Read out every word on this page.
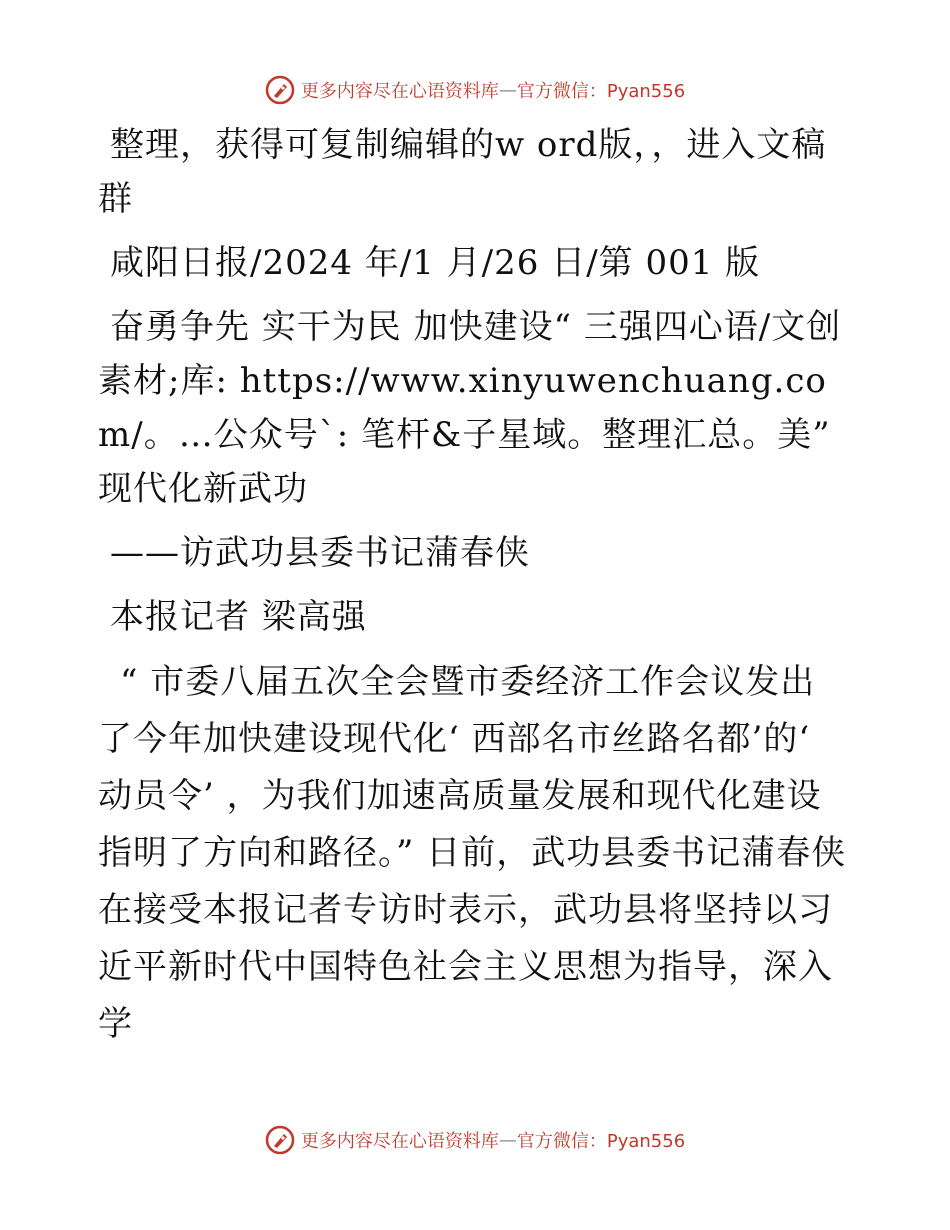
更多内容尽在心语资料库 — 官方微信：Pyan556

整理，获得可复制编辑的w ord版，，进入文稿群

咸阳日报/2024 年/1 月/26 日/第 001 版

奋勇争先 实干为民 加快建设“ 三强四心语/文创素材;库: https://www.xinyuwenchuang.com/。…公众号`: 笔杆&子星域。整理汇总。美” 现代化新武功

——访武功县委书记蒲春侠

本报记者 梁高强

“ 市委八届五次全会暨市委经济工作会议发出了今年加快建设现代化‘ 西部名市丝路名都’的‘ 动员令’ ，为我们加速高质量发展和现代化建设指明了方向和路径。” 日前，武功县委书记蒲春侠在接受本报记者专访时表示，武功县将坚持以习近平新时代中国特色社会主义思想为指导，深入学

更多内容尽在心语资料库 — 官方微信：Pyan556
